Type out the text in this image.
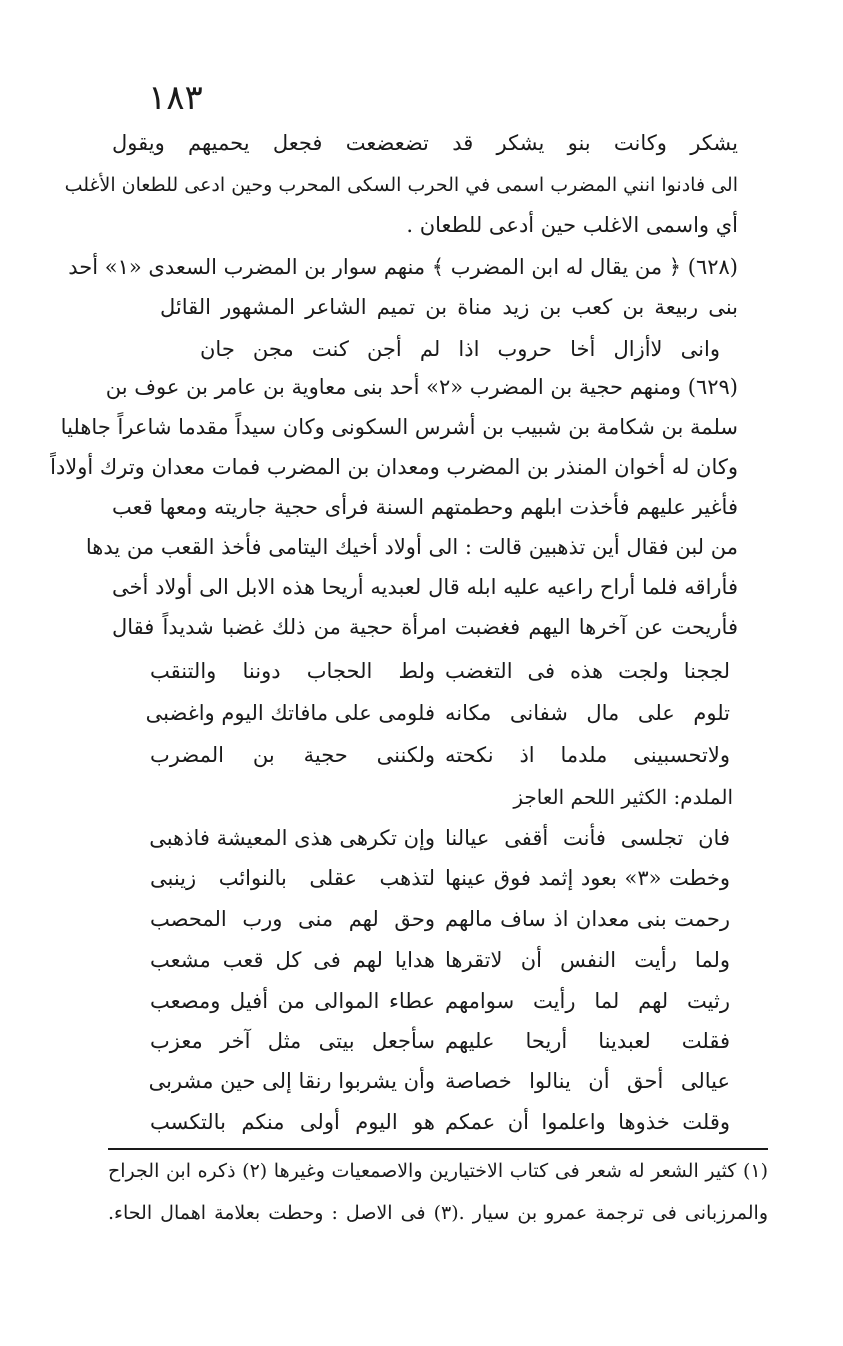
١٨٣
يشكر وكانت بنو يشكر قد تضعضعت فجعل يحميهم ويقول
الى فادنوا انني المضرب اسمى في الحرب السكى المحرب وحين ادعى للطعان الأغلب
أي واسمى الاغلب حين أدعى للطعان .
(٦٢٨) ﴿ من يقال له ابن المضرب ﴾ منهم سوار بن المضرب السعدى «١» أحد
بنى ربيعة بن كعب بن زيد مناة بن تميم الشاعر المشهور القائل
وانى لاأزال أخا حروب اذا لم أجن كنت مجن جان
(٦٢٩) ومنهم حجية بن المضرب «٢» أحد بنى معاوية بن عامر بن عوف بن
سلمة بن شكامة بن شبيب بن أشرس السكونى وكان سيداً مقدما شاعراً جاهليا
وكان له أخوان المنذر بن المضرب ومعدان بن المضرب فمات معدان وترك أولاداً
فأغير عليهم فأخذت ابلهم وحطمتهم السنة فرأى حجية جاريته ومعها قعب
من لبن فقال أين تذهبين قالت : الى أولاد أخيك اليتامى فأخذ القعب من يدها
فأراقه فلما أراح راعيه عليه ابله قال لعبديه أريحا هذه الابل الى أولاد أخى
فأريحت عن آخرها اليهم فغضبت امرأة حجية من ذلك غضبا شديداً فقال
لججنا ولجت هذه فى التغضب
ولط الحجاب دوننا والتنقب
تلوم على مال شفانى مكانه
فلومى على مافاتك اليوم واغضبى
ولاتحسبينى ملدما اذ نكحته
ولكننى حجية بن المضرب
الملدم: الكثير اللحم العاجز
فان تجلسى فأنت أقفى عيالنا
وإن تكرهى هذى المعيشة فاذهبى
وخطت «٣» بعود إثمد فوق عينها
لتذهب عقلى بالنوائب زينبى
رحمت بنى معدان اذ ساف مالهم
وحق لهم منى ورب المحصب
ولما رأيت النفس أن لاتقرها
هدايا لهم فى كل قعب مشعب
رثيت لهم لما رأيت سوامهم
عطاء الموالى من أفيل ومصعب
فقلت لعبدينا أريحا عليهم
سأجعل بيتى مثل آخر معزب
عيالى أحق أن ينالوا خصاصة
وأن يشربوا رنقا إلى حين مشربى
وقلت خذوها واعلموا أن عمكم
هو اليوم أولى منكم بالتكسب
(١) كثير الشعر له شعر فى كتاب الاختيارين والاصمعيات وغيرها (٢) ذكره ابن الجراح
والمرزبانى فى ترجمة عمرو بن سيار .(٣) فى الاصل : وحطت بعلامة اهمال الحاء.
